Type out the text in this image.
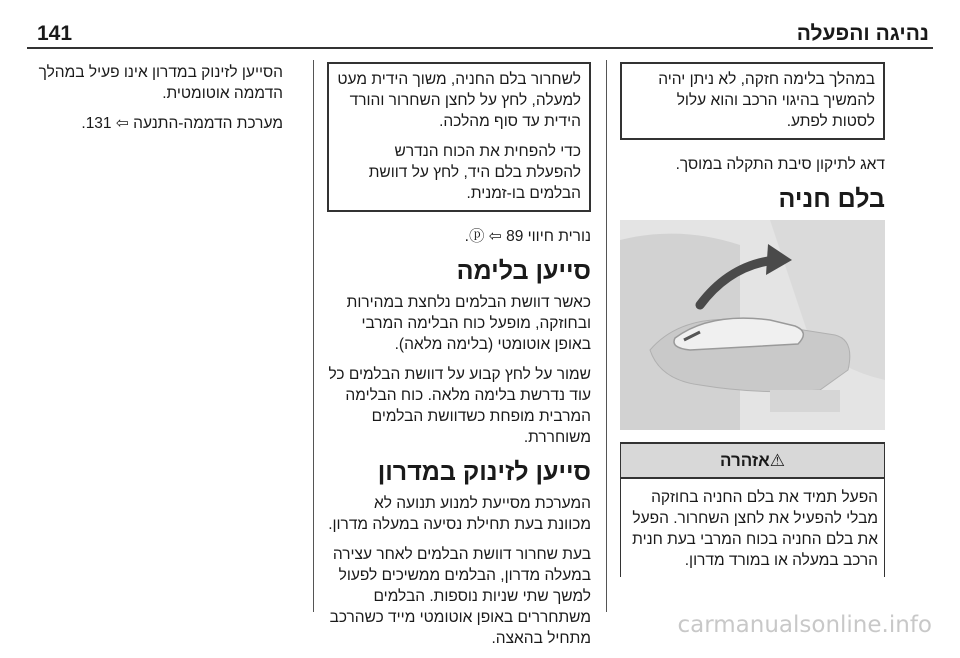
141	נהיגה והפעלה

הסייען לזינוק במדרון אינו פעיל במהלך הדממה אוטומטית.

מערכת הדממה-התנעה ⇦ 131.

לשחרור בלם החניה, משוך הידית מעט למעלה, לחץ על לחצן השחרור והורד הידית עד סוף מהלכה.

כדי להפחית את הכוח הנדרש להפעלת בלם היד, לחץ על דוושת הבלמים בו-זמנית.

נורית חיווי ⓟ ⇦ 89.

סייען בלימה

כאשר דוושת הבלמים נלחצת במהירות ובחוזקה, מופעל כוח הבלימה המרבי באופן אוטומטי (בלימה מלאה).

שמור על לחץ קבוע על דוושת הבלמים כל עוד נדרשת בלימה מלאה. כוח הבלימה המרבית מופחת כשדוושת הבלמים משוחררת.

סייען לזינוק במדרון

המערכת מסייעת למנוע תנועה לא מכוונת בעת תחילת נסיעה במעלה מדרון.

בעת שחרור דוושת הבלמים לאחר עצירה במעלה מדרון, הבלמים ממשיכים לפעול למשך שתי שניות נוספות. הבלמים משתחררים באופן אוטומטי מייד כשהרכב מתחיל בהאצה.

במהלך בלימה חזקה, לא ניתן יהיה להמשיך בהיגוי הרכב והוא עלול לסטות לפתע.

דאג לתיקון סיבת התקלה במוסך.

בלם חניה
⚠אזהרה
הפעל תמיד את בלם החניה בחוזקה מבלי להפעיל את לחצן השחרור. הפעל את בלם החניה בכוח המרבי בעת חנית הרכב במעלה או במורד מדרון.
carmanualsonline.info
